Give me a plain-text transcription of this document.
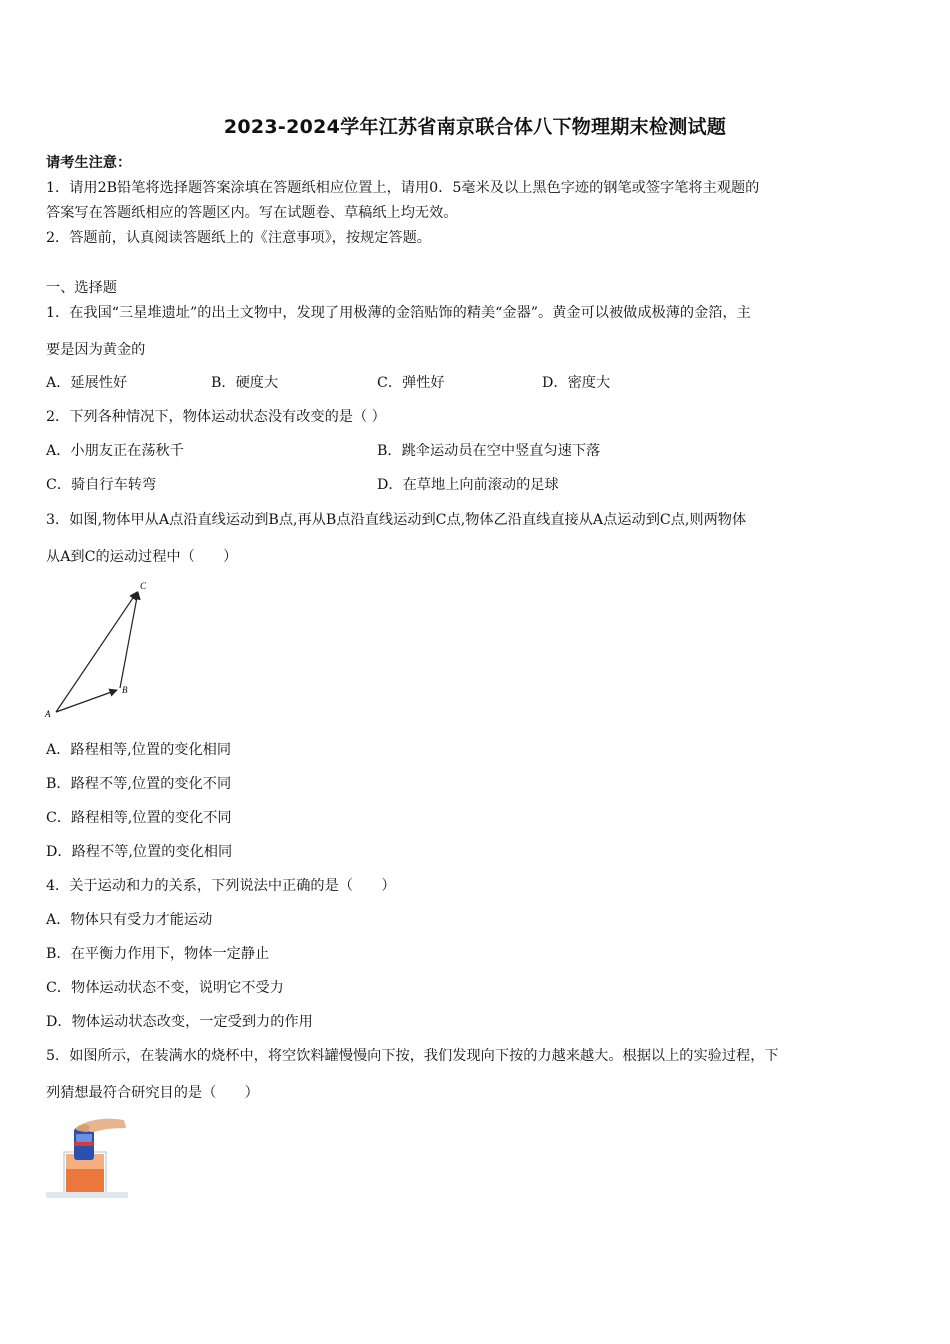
2023-2024学年江苏省南京联合体八下物理期末检测试题
请考生注意：
1．请用2B铅笔将选择题答案涂填在答题纸相应位置上，请用0．5毫米及以上黑色字迹的钢笔或签字笔将主观题的
答案写在答题纸相应的答题区内。写在试题卷、草稿纸上均无效。
2．答题前，认真阅读答题纸上的《注意事项》，按规定答题。
一、选择题
1．在我国“三星堆遗址”的出土文物中，发现了用极薄的金箔贴饰的精美“金器”。黄金可以被做成极薄的金箔，主
要是因为黄金的
A．延展性好	B．硬度大	C．弹性好	D．密度大
2．下列各种情况下，物体运动状态没有改变的是（ ）
A．小朋友正在荡秋千	B．跳伞运动员在空中竖直匀速下落
C．骑自行车转弯	D．在草地上向前滚动的足球
3．如图,物体甲从A点沿直线运动到B点,再从B点沿直线运动到C点,物体乙沿直线直接从A点运动到C点,则两物体
从A到C的运动过程中（　　）
A
B
C
A．路程相等,位置的变化相同
B．路程不等,位置的变化不同
C．路程相等,位置的变化不同
D．路程不等,位置的变化相同
4．关于运动和力的关系，下列说法中正确的是（　　）
A．物体只有受力才能运动
B．在平衡力作用下，物体一定静止
C．物体运动状态不变，说明它不受力
D．物体运动状态改变，一定受到力的作用
5．如图所示，在装满水的烧杯中，将空饮料罐慢慢向下按，我们发现向下按的力越来越大。根据以上的实验过程，下
列猜想最符合研究目的是（　　）
